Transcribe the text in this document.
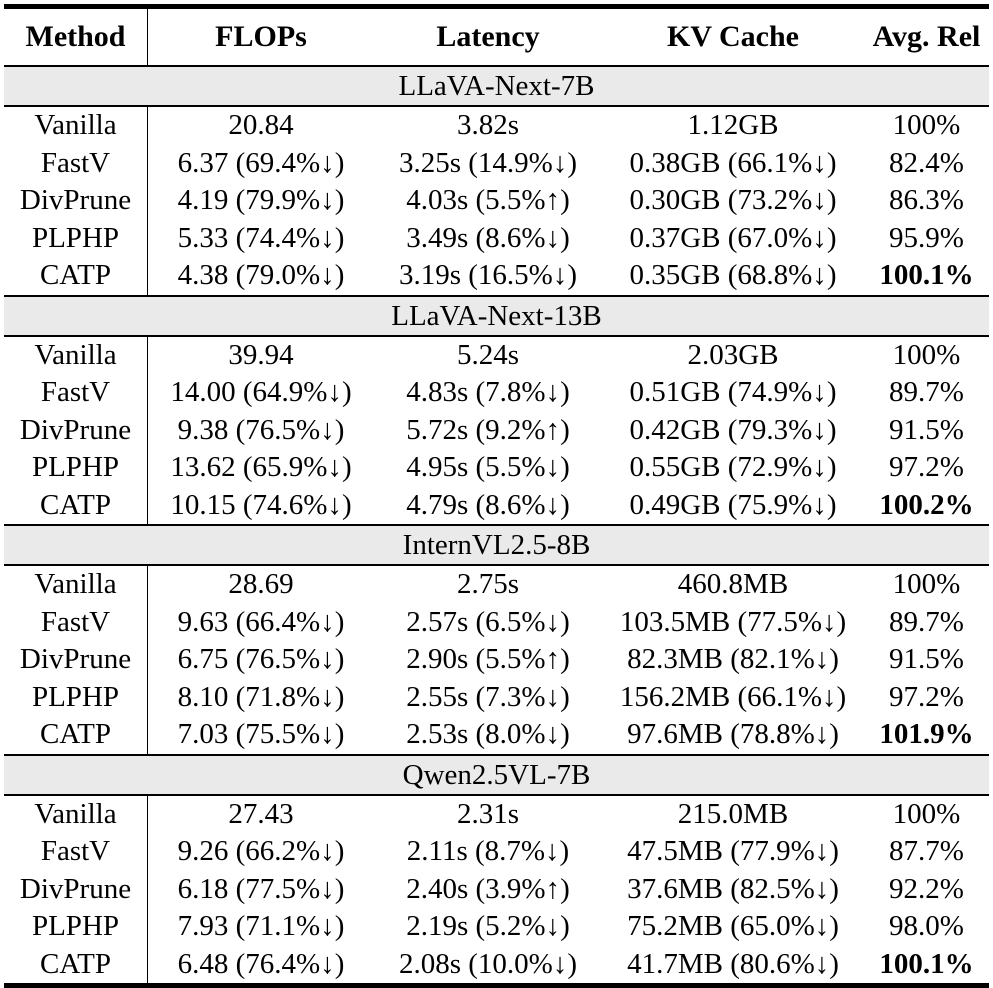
Method	FLOPs	Latency	KV Cache	Avg. Rel
LLaVA-Next-7B
Vanilla	20.84	3.82s	1.12GB	100%
FastV	6.37 (69.4%↓)	3.25s (14.9%↓)	0.38GB (66.1%↓)	82.4%
DivPrune	4.19 (79.9%↓)	4.03s (5.5%↑)	0.30GB (73.2%↓)	86.3%
PLPHP	5.33 (74.4%↓)	3.49s (8.6%↓)	0.37GB (67.0%↓)	95.9%
CATP	4.38 (79.0%↓)	3.19s (16.5%↓)	0.35GB (68.8%↓)	100.1%
LLaVA-Next-13B
Vanilla	39.94	5.24s	2.03GB	100%
FastV	14.00 (64.9%↓)	4.83s (7.8%↓)	0.51GB (74.9%↓)	89.7%
DivPrune	9.38 (76.5%↓)	5.72s (9.2%↑)	0.42GB (79.3%↓)	91.5%
PLPHP	13.62 (65.9%↓)	4.95s (5.5%↓)	0.55GB (72.9%↓)	97.2%
CATP	10.15 (74.6%↓)	4.79s (8.6%↓)	0.49GB (75.9%↓)	100.2%
InternVL2.5-8B
Vanilla	28.69	2.75s	460.8MB	100%
FastV	9.63 (66.4%↓)	2.57s (6.5%↓)	103.5MB (77.5%↓)	89.7%
DivPrune	6.75 (76.5%↓)	2.90s (5.5%↑)	82.3MB (82.1%↓)	91.5%
PLPHP	8.10 (71.8%↓)	2.55s (7.3%↓)	156.2MB (66.1%↓)	97.2%
CATP	7.03 (75.5%↓)	2.53s (8.0%↓)	97.6MB (78.8%↓)	101.9%
Qwen2.5VL-7B
Vanilla	27.43	2.31s	215.0MB	100%
FastV	9.26 (66.2%↓)	2.11s (8.7%↓)	47.5MB (77.9%↓)	87.7%
DivPrune	6.18 (77.5%↓)	2.40s (3.9%↑)	37.6MB (82.5%↓)	92.2%
PLPHP	7.93 (71.1%↓)	2.19s (5.2%↓)	75.2MB (65.0%↓)	98.0%
CATP	6.48 (76.4%↓)	2.08s (10.0%↓)	41.7MB (80.6%↓)	100.1%
